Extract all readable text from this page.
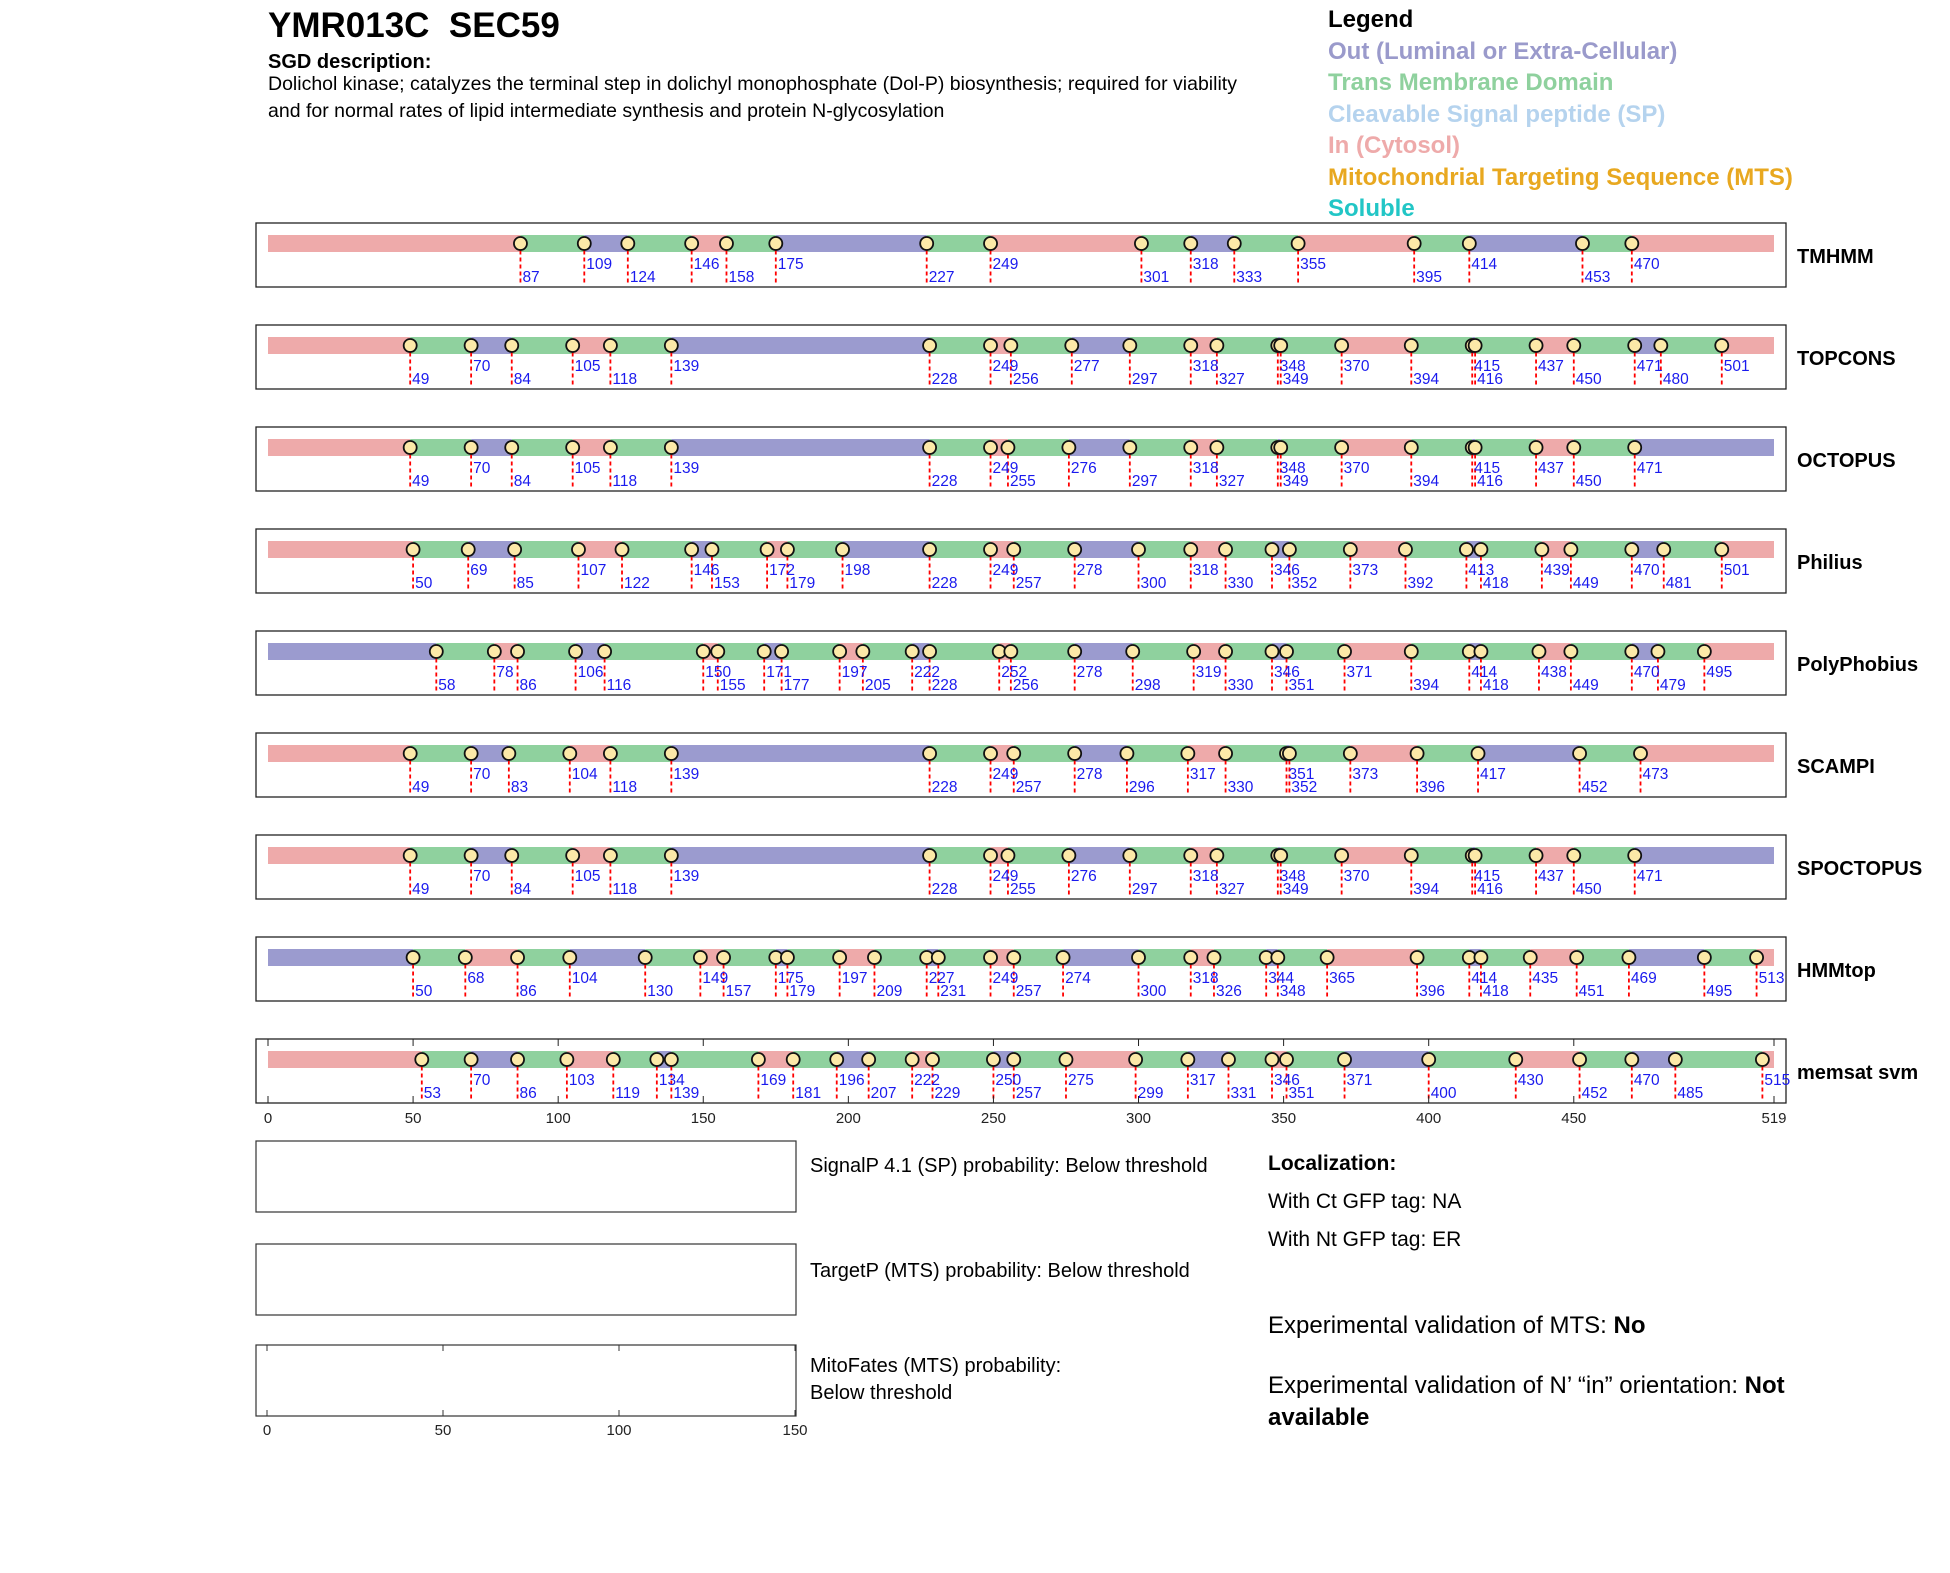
YMR013C  SEC59
SGD description:
Dolichol kinase; catalyzes the terminal step in dolichyl monophosphate (Dol-P) biosynthesis; required for viability and for normal rates of lipid intermediate synthesis and protein N-glycosylation
Legend
Out (Luminal or Extra-Cellular)
Trans Membrane Domain
Cleavable Signal peptide (SP)
In (Cytosol)
Mitochondrial Targeting Sequence (MTS)
Soluble
87
109
124
146
158
175
227
249
301
318
333
355
395
414
453
470	TMHMM
49
70
84
105
118
139
228
249
256
277
297
318
327
348
349
370
394
415
416
437
450
471
480
501 TOPCONS
49
70
84
105
118
139
228
249
255
276
297
318
327
348
349
370
394
415
416
437
450
471	OCTOPUS
50
69
85
107
122
146
153
172
179
198
228
249
257
278
300
318
330
346
352
373
392
413
418
439
449
470
481
501 Philius
58
78
86
106
116
150
155
171
177
197
205
222
228
252
256
278
298
319
330
346
351
371
394
414
418
438
449
470
479
495	PolyPhobius
49
70
83
104
118
139
228
249
257
278
296
317
330
351
352
373
396
417
452
473	SCAMPI
49
70
84
105
118
139
228
249
255
276
297
318
327
348
349
370
394
415
416
437
450
471	SPOCTOPUS
50
68
86
104
130
149
157
175
179
197
209
227
231
249
257
274
300
318
326
344
348
365
396
414
418
435
451
469
495
513 HMMtop
53
70
86
103
119
134
139
169
181
196
207
222
229
250
257
275
299
317
331
346
351
371
400
430
452
470
485
515 memsat svm
0	50	100	150	200	250	300	350	400	450	519
0	50	100	150
SignalP 4.1 (SP) probability: Below threshold
TargetP (MTS) probability: Below threshold
MitoFates (MTS) probability: Below threshold
Localization:
With Ct GFP tag: NA
With Nt GFP tag: ER
Experimental validation of MTS: No
Experimental validation of N’ “in” orientation: Not available
